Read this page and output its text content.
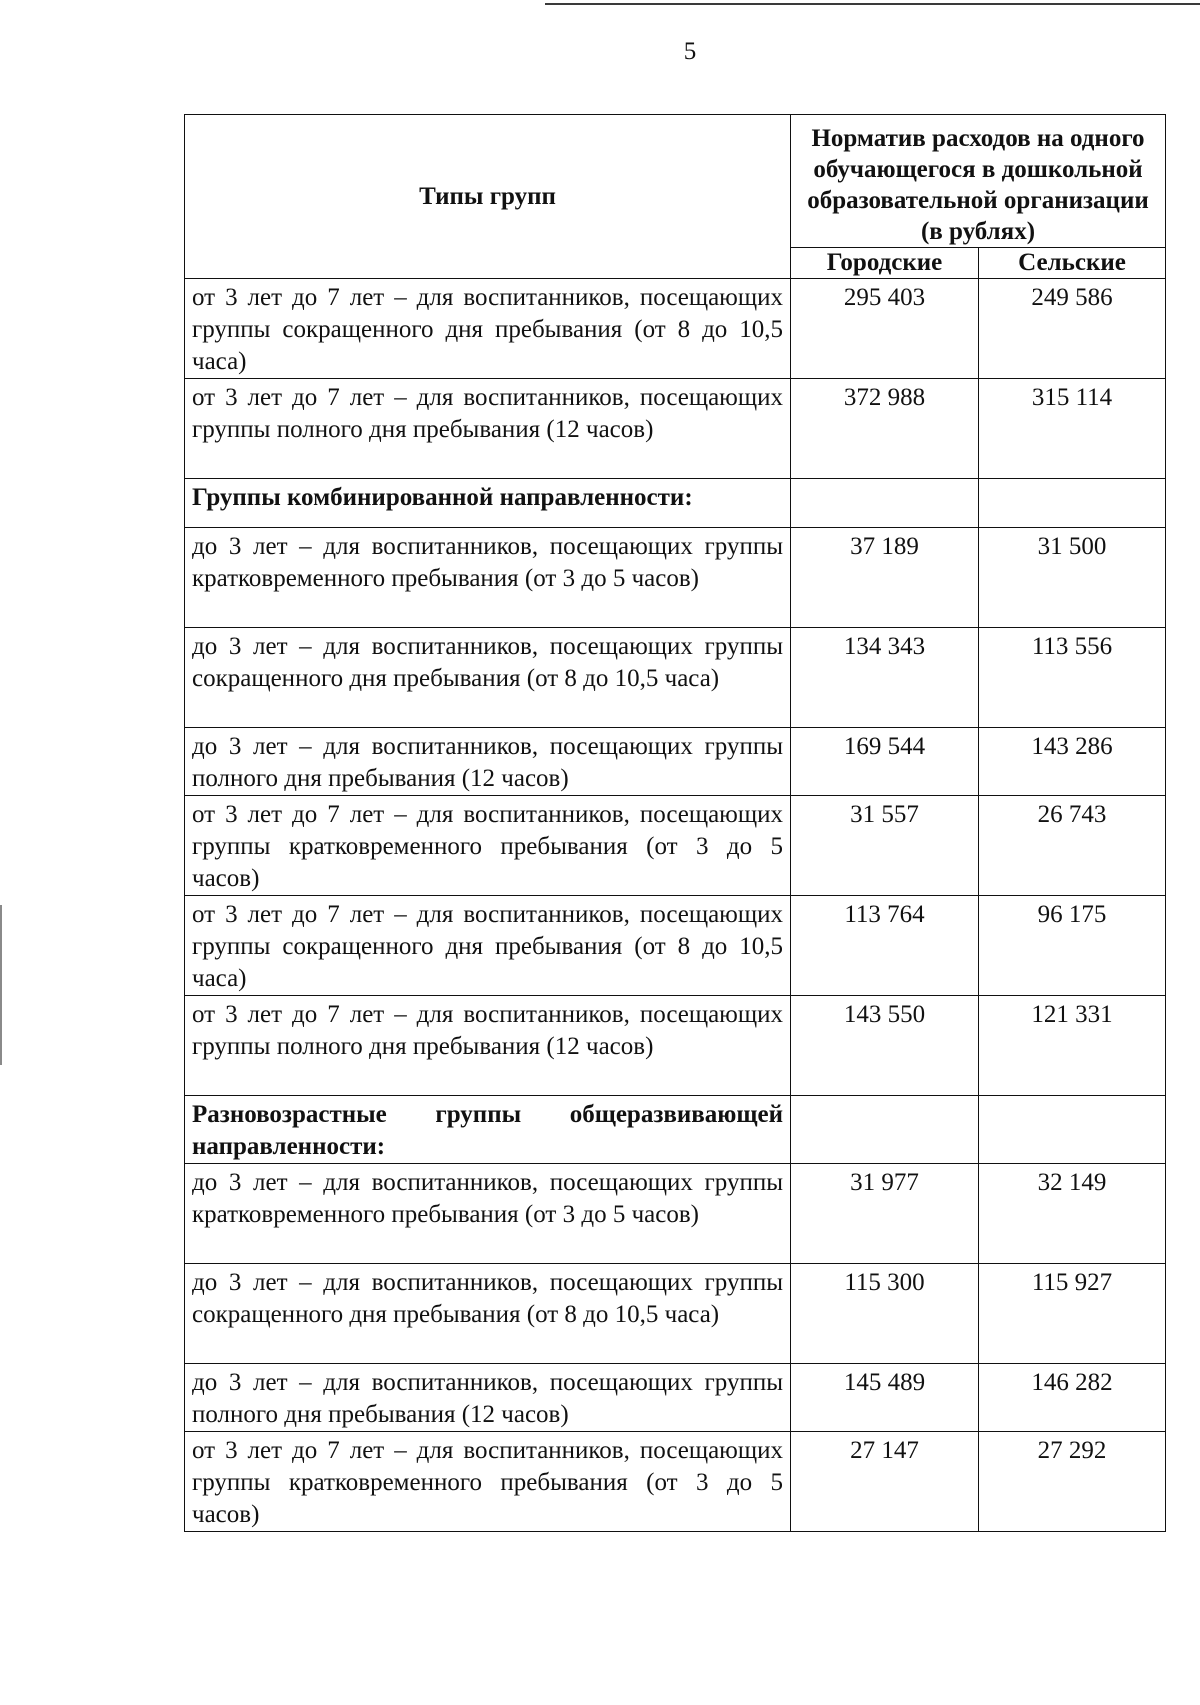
5
Типы групп	Норматив расходов на одного обучающегося в дошкольной образовательной организации (в рублях)	
	Городские	Сельские
от 3 лет до 7 лет – для воспитанников, посещающих группы сокращенного дня пребывания (от 8 до 10,5 часа)	295 403	249 586
от 3 лет до 7 лет – для воспитанников, посещающих группы полного дня пребывания (12 часов)	372 988	315 114
Группы комбинированной направленности:		
до 3 лет – для воспитанников, посещающих группы кратковременного пребывания (от 3 до 5 часов)	37 189	31 500
до 3 лет – для воспитанников, посещающих группы сокращенного дня пребывания (от 8 до 10,5 часа)	134 343	113 556
до 3 лет – для воспитанников, посещающих группы полного дня пребывания (12 часов)	169 544	143 286
от 3 лет до 7 лет – для воспитанников, посещающих группы кратковременного пребывания (от 3 до 5 часов)	31 557	26 743
от 3 лет до 7 лет – для воспитанников, посещающих группы сокращенного дня пребывания (от 8 до 10,5 часа)	113 764	96 175
от 3 лет до 7 лет – для воспитанников, посещающих группы полного дня пребывания (12 часов)	143 550	121 331
Разновозрастные группы общеразвивающей направленности:		
до 3 лет – для воспитанников, посещающих группы кратковременного пребывания (от 3 до 5 часов)	31 977	32 149
до 3 лет – для воспитанников, посещающих группы сокращенного дня пребывания (от 8 до 10,5 часа)	115 300	115 927
до 3 лет – для воспитанников, посещающих группы полного дня пребывания (12 часов)	145 489	146 282
от 3 лет до 7 лет – для воспитанников, посещающих группы кратковременного пребывания (от 3 до 5 часов)	27 147	27 292
